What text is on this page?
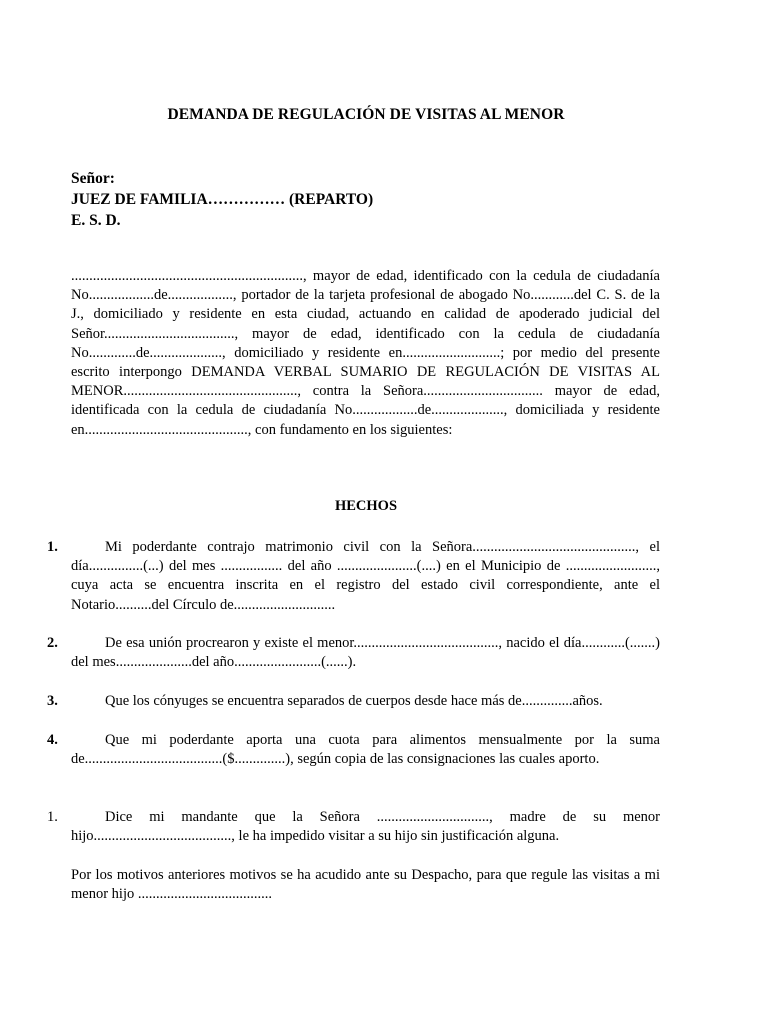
DEMANDA DE REGULACIÓN DE VISITAS AL MENOR
Señor:
JUEZ DE FAMILIA…………… (REPARTO)
E. S. D.
................................................................, mayor de edad, identificado con la cedula de ciudadanía No..................de.................., portador de la tarjeta profesional de abogado No............del C. S. de la J., domiciliado y residente en esta ciudad, actuando en calidad de apoderado judicial del Señor...................................., mayor de edad, identificado con la cedula de ciudadanía No.............de...................., domiciliado y residente en...........................; por medio del presente escrito interpongo DEMANDA VERBAL SUMARIO DE REGULACIÓN DE VISITAS AL MENOR................................................, contra la Señora................................. mayor de edad, identificada con la cedula de ciudadanía No..................de...................., domiciliada y residente en............................................., con fundamento en los siguientes:
HECHOS
1.	Mi poderdante contrajo matrimonio civil con la Señora............................................., el día...............(...) del mes ................. del año ......................(....) en el Municipio de ........................., cuya acta se encuentra inscrita en el registro del estado civil correspondiente, ante el Notario..........del Círculo de............................
2.	De esa unión procrearon y existe el menor........................................, nacido el día............(.......) del mes.....................del año........................(......).
3.	Que los cónyuges se encuentra separados de cuerpos desde hace más de..............años.
4.	Que mi poderdante aporta una cuota para alimentos mensualmente por la suma de......................................($..............), según copia de las consignaciones las cuales aporto.
1.	Dice mi mandante que la Señora ..............................., madre de su menor hijo......................................, le ha impedido visitar a su hijo sin justificación alguna.
Por los motivos anteriores motivos se ha acudido ante su Despacho, para que regule las visitas a mi menor hijo .....................................
